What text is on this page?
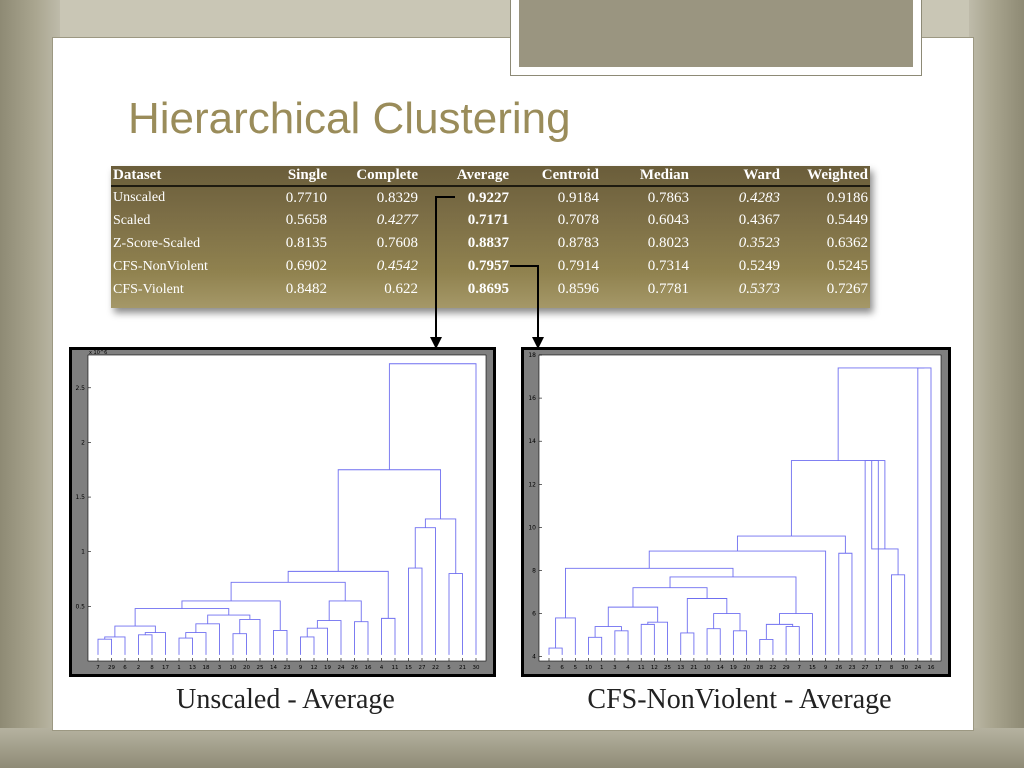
Hierarchical Clustering
Dataset	Single	Complete	Average	Centroid	Median	Ward	Weighted
Unscaled	0.7710	0.8329	0.9227	0.9184	0.7863	0.4283	0.9186
Scaled	0.5658	0.4277	0.7171	0.7078	0.6043	0.4367	0.5449
Z-Score-Scaled	0.8135	0.7608	0.8837	0.8783	0.8023	0.3523	0.6362
CFS-NonViolent	0.6902	0.4542	0.7957	0.7914	0.7314	0.5249	0.5245
CFS-Violent	0.8482	0.622	0.8695	0.8596	0.7781	0.5373	0.7267
0.5
1
1.5
2
2.5
x 10^6
7 29 6 2 8 17 1 13 18 3 10 20 25 14 23 9 12 19 24 26 16 4 11 15 27 22 5 21 30
Unscaled - Average
4
6
8
10
12
14
16
18
2 6 5 10 1 3 4 11 12 25 13 21 10 14 19 20 28 22 29 7 15 9 26 23 27 17 8 30 24 16
CFS-NonViolent - Average
